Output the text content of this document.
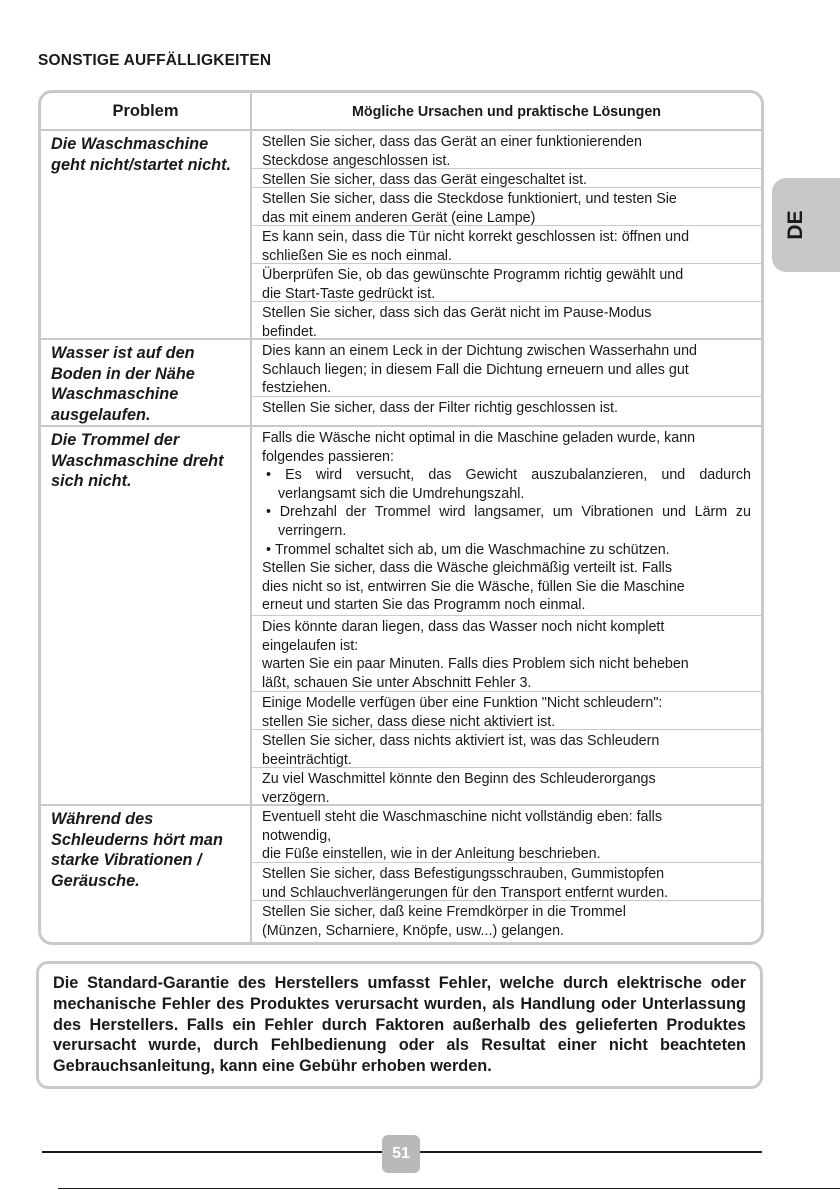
SONSTIGE AUFFÄLLIGKEITEN
DE
Problem	Mögliche Ursachen und praktische Lösungen
Die Waschmaschine geht nicht/startet nicht.
Stellen Sie sicher, dass das Gerät an einer funktionierenden
Steckdose angeschlossen ist.
Stellen Sie sicher, dass das Gerät eingeschaltet ist.
Stellen Sie sicher, dass die Steckdose funktioniert, und testen Sie
das mit einem anderen Gerät (eine Lampe)
Es kann sein, dass die Tür nicht korrekt geschlossen ist: öffnen und
schließen Sie es noch einmal.
Überprüfen Sie, ob das gewünschte Programm richtig gewählt und
die Start-Taste gedrückt ist.
Stellen Sie sicher, dass sich das Gerät nicht im Pause-Modus
befindet.
Wasser ist auf den Boden in der Nähe Waschmaschine ausgelaufen.
Dies kann an einem Leck in der Dichtung zwischen Wasserhahn und
Schlauch liegen; in diesem Fall die Dichtung erneuern und alles gut
festziehen.
Stellen Sie sicher, dass der Filter richtig geschlossen ist.
Die Trommel der Waschmaschine dreht sich nicht.
Falls die Wäsche nicht optimal in die Maschine geladen wurde, kann
folgendes passieren:
• Es wird versucht, das Gewicht auszubalanzieren, und dadurch verlangsamt sich die Umdrehungszahl.
• Drehzahl der Trommel wird langsamer, um Vibrationen und Lärm zu verringern.
• Trommel schaltet sich ab, um die Waschmachine zu schützen.
Stellen Sie sicher, dass die Wäsche gleichmäßig verteilt ist. Falls
dies nicht so ist, entwirren Sie die Wäsche, füllen Sie die Maschine
erneut und starten Sie das Programm noch einmal.
Dies könnte daran liegen, dass das Wasser noch nicht komplett
eingelaufen ist:
warten Sie ein paar Minuten. Falls dies Problem sich nicht beheben
läßt, schauen Sie unter Abschnitt Fehler 3.
Einige Modelle verfügen über eine Funktion "Nicht schleudern":
stellen Sie sicher, dass diese nicht aktiviert ist.
Stellen Sie sicher, dass nichts aktiviert ist, was das Schleudern
beeinträchtigt.
Zu viel Waschmittel könnte den Beginn des Schleuderorgangs
verzögern.
Während des Schleuderns hört man starke Vibrationen / Geräusche.
Eventuell steht die Waschmaschine nicht vollständig eben: falls
notwendig,
die Füße einstellen, wie in der Anleitung beschrieben.
Stellen Sie sicher, dass Befestigungsschrauben, Gummistopfen
und Schlauchverlängerungen für den Transport entfernt wurden.
Stellen Sie sicher, daß keine Fremdkörper in die Trommel
(Münzen, Scharniere, Knöpfe, usw...) gelangen.
Die Standard-Garantie des Herstellers umfasst Fehler, welche durch elektrische oder mechanische Fehler des Produktes verursacht wurden, als Handlung oder Unterlassung des Herstellers. Falls ein Fehler durch Faktoren außerhalb des gelieferten Produktes verursacht wurde, durch Fehlbedienung oder als Resultat einer nicht beachteten Gebrauchsanleitung, kann eine Gebühr erhoben werden.
51
